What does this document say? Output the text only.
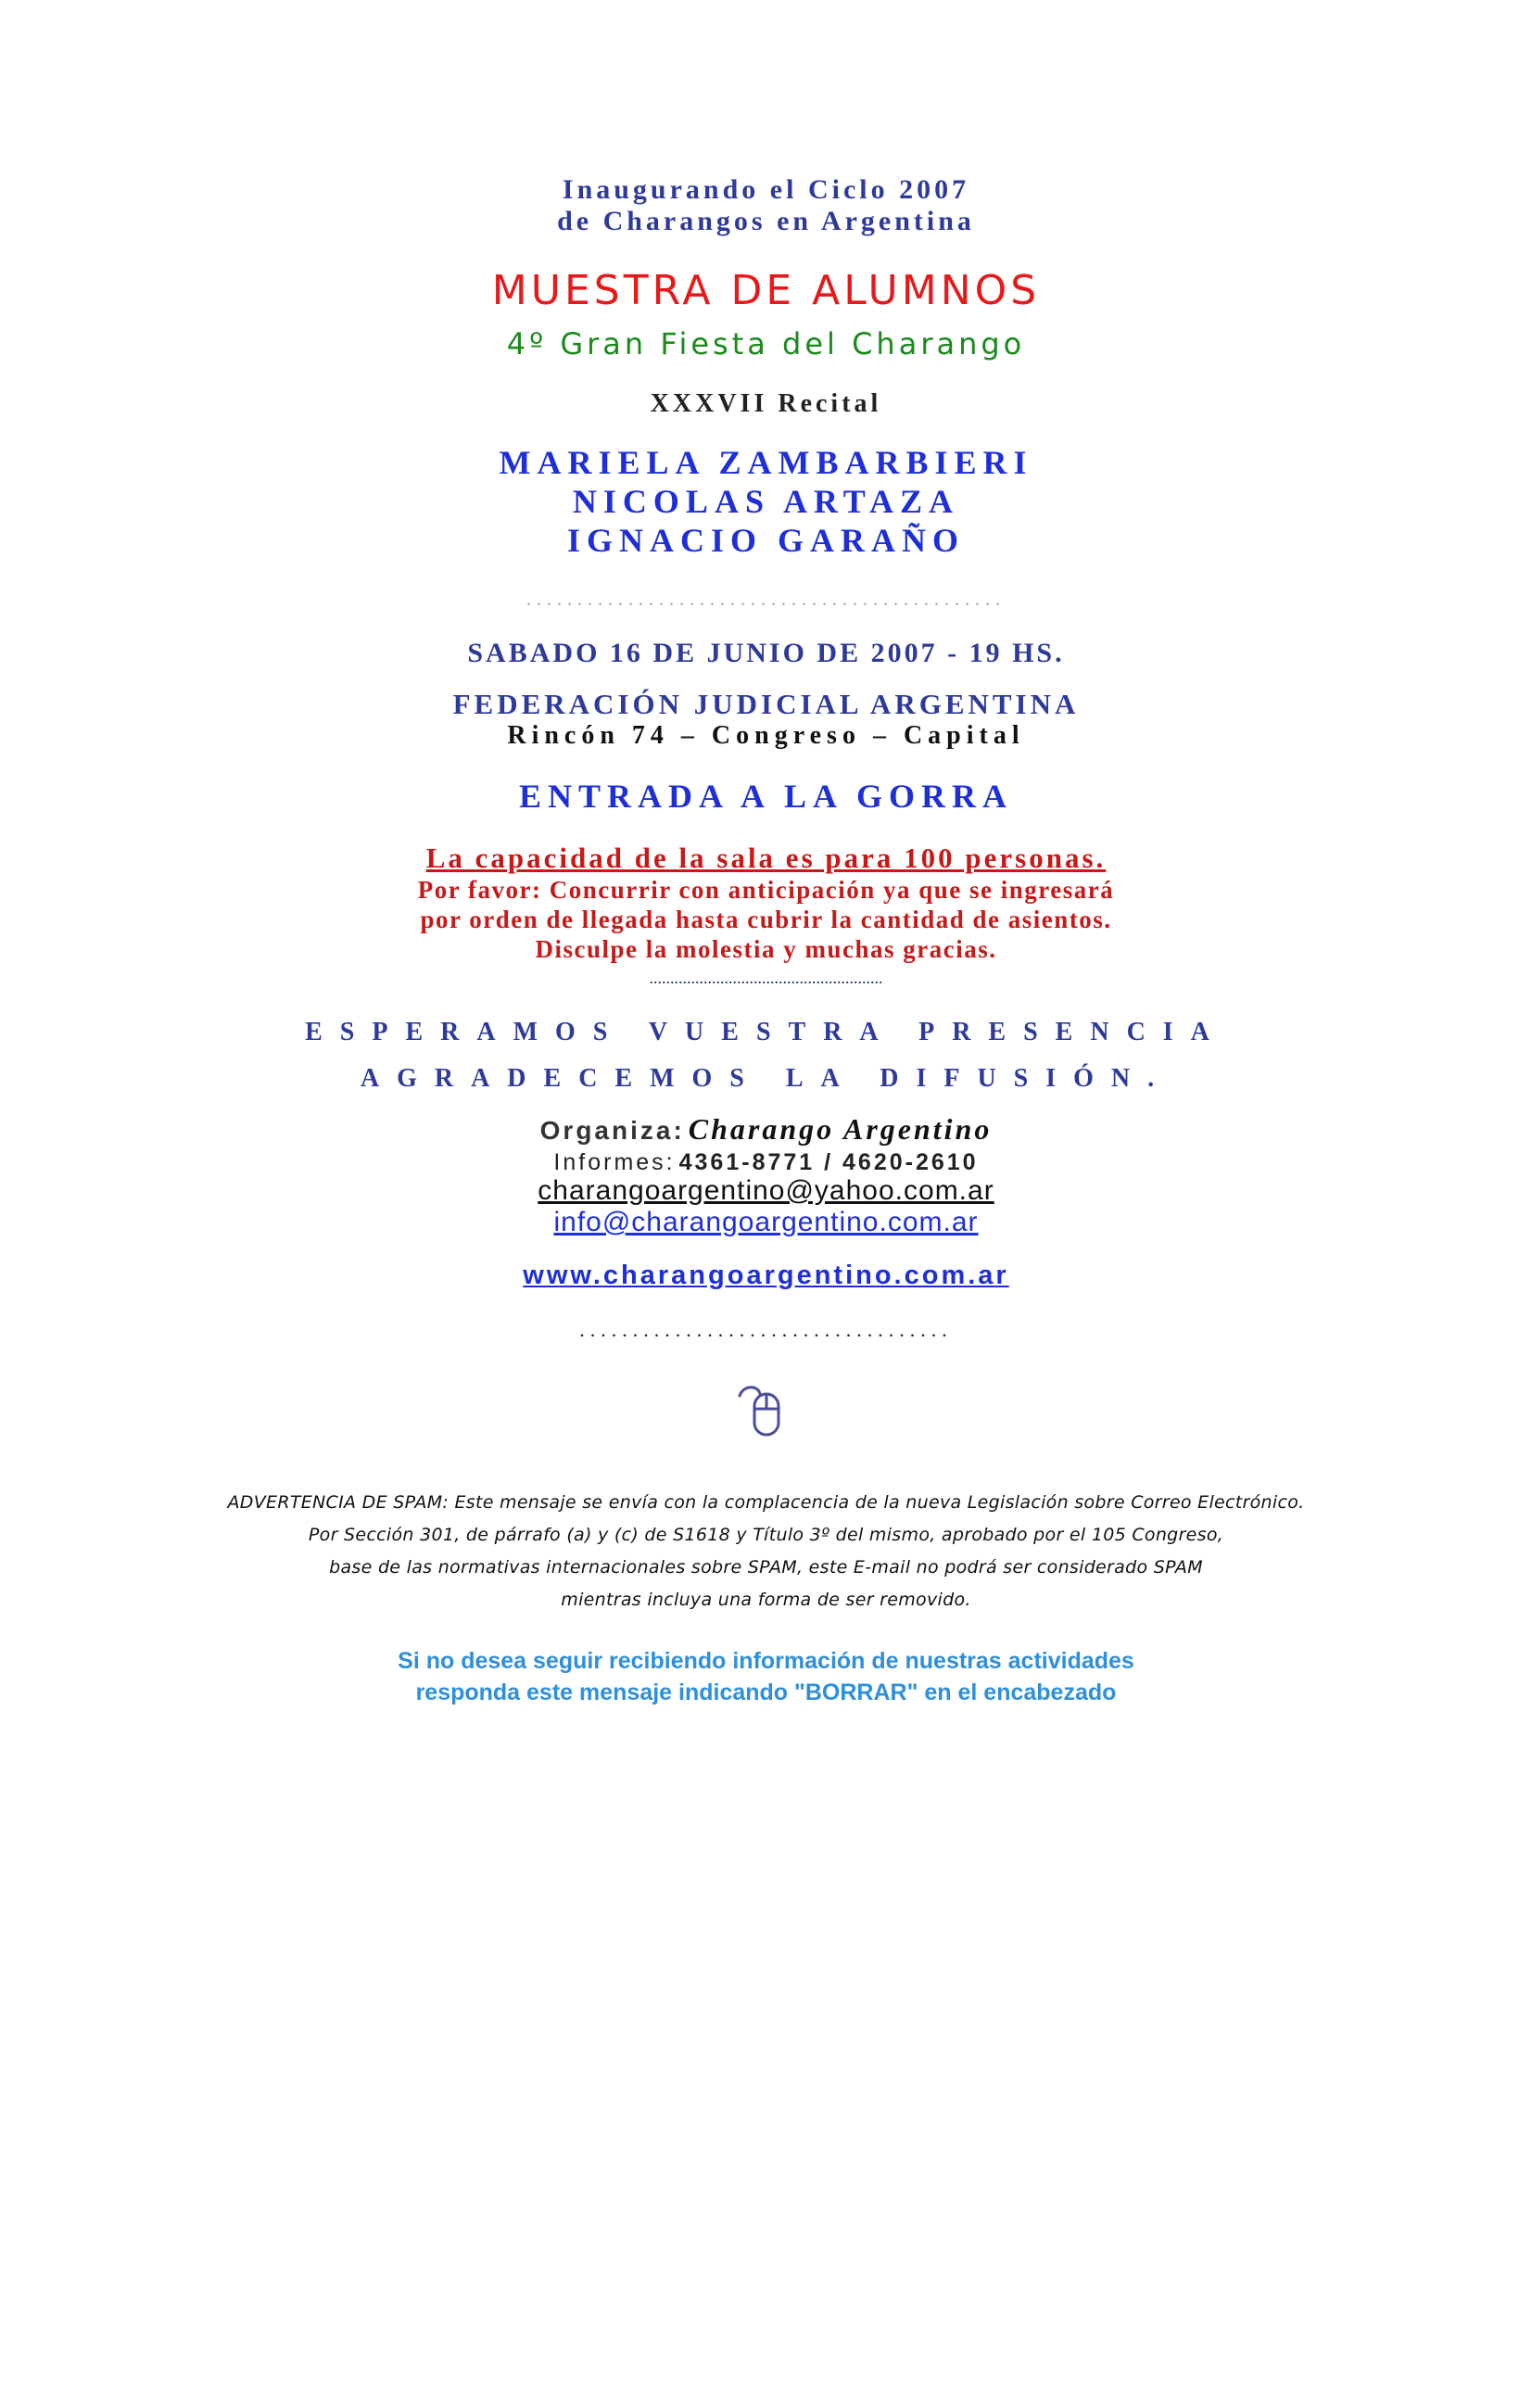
Inaugurando el Ciclo 2007
de Charangos en Argentina
MUESTRA DE ALUMNOS
4º Gran Fiesta del Charango
XXXVII Recital
MARIELA ZAMBARBIERI
NICOLAS ARTAZA
IGNACIO GARAÑO
...............................................
SABADO 16 DE JUNIO DE 2007 - 19 HS.
FEDERACIÓN JUDICIAL ARGENTINA
Rincón 74 – Congreso – Capital
ENTRADA A LA GORRA
La capacidad de la sala es para 100 personas.
Por favor: Concurrir con anticipación ya que se ingresará
por orden de llegada hasta cubrir la cantidad de asientos.
Disculpe la molestia y muchas gracias.
........................................................
ESPERAMOS VUESTRA PRESENCIA
AGRADECEMOS LA DIFUSIÓN.
Organiza: Charango Argentino
Informes: 4361-8771 / 4620-2610
charangoargentino@yahoo.com.ar
info@charangoargentino.com.ar
www.charangoargentino.com.ar
...................................
ADVERTENCIA DE SPAM: Este mensaje se envía con la complacencia de la nueva Legislación sobre Correo Electrónico.
Por Sección 301, de párrafo (a) y (c) de S1618 y Título 3º del mismo, aprobado por el 105 Congreso,
base de las normativas internacionales sobre SPAM, este E-mail no podrá ser considerado SPAM
mientras incluya una forma de ser removido.
Si no desea seguir recibiendo información de nuestras actividades
responda este mensaje indicando "BORRAR" en el encabezado
